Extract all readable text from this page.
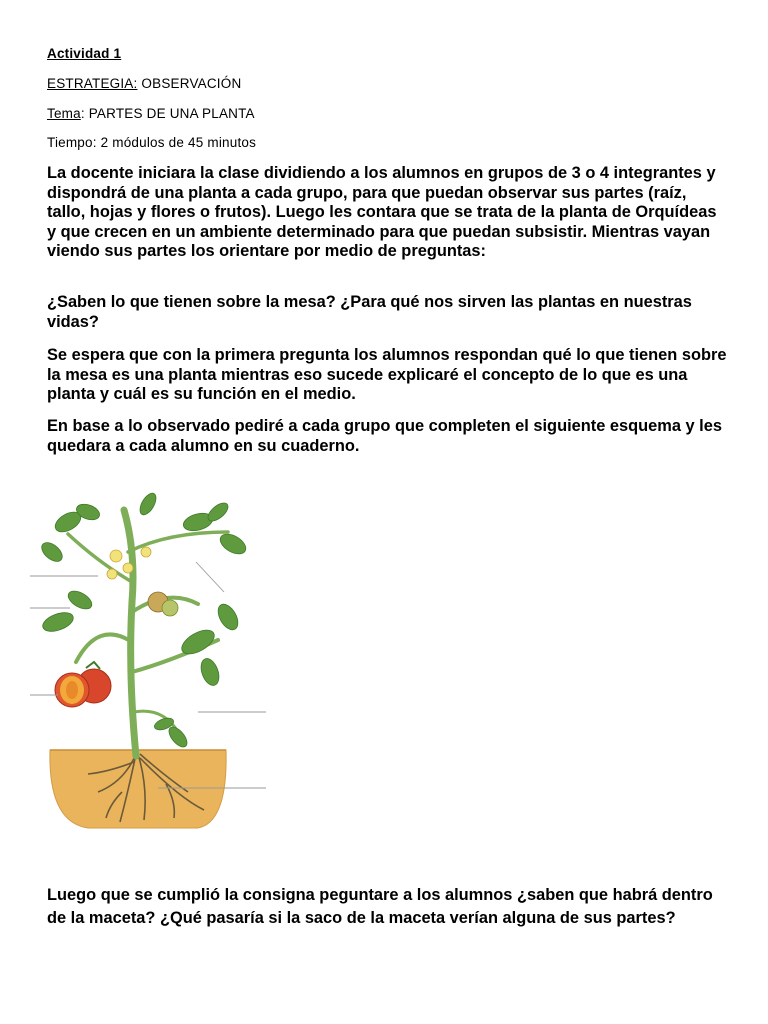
Actividad 1
ESTRATEGIA: OBSERVACIÓN
Tema: PARTES DE UNA PLANTA
Tiempo: 2 módulos de 45 minutos

La docente iniciara la clase dividiendo a los alumnos en grupos de 3 o 4 integrantes y dispondrá de una planta a cada grupo, para que puedan observar sus partes (raíz, tallo, hojas y flores o frutos). Luego les contara que se trata de la planta de Orquídeas y que crecen en un ambiente determinado para que puedan subsistir. Mientras vayan viendo sus partes los orientare por medio de preguntas:

¿Saben lo que tienen sobre la mesa? ¿Para qué nos sirven las plantas en nuestras vidas?

Se espera que con la primera pregunta los alumnos respondan qué lo que tienen sobre la mesa es una planta mientras eso sucede explicaré el concepto de lo que es una planta y cuál es su función en el medio.

En base a lo observado pediré a cada grupo que completen el siguiente esquema y les quedara a cada alumno en su cuaderno.

Luego que se cumplió la consigna peguntare a los alumnos ¿saben que habrá dentro de la maceta? ¿Qué pasaría si la saco de la maceta verían alguna de sus partes?
